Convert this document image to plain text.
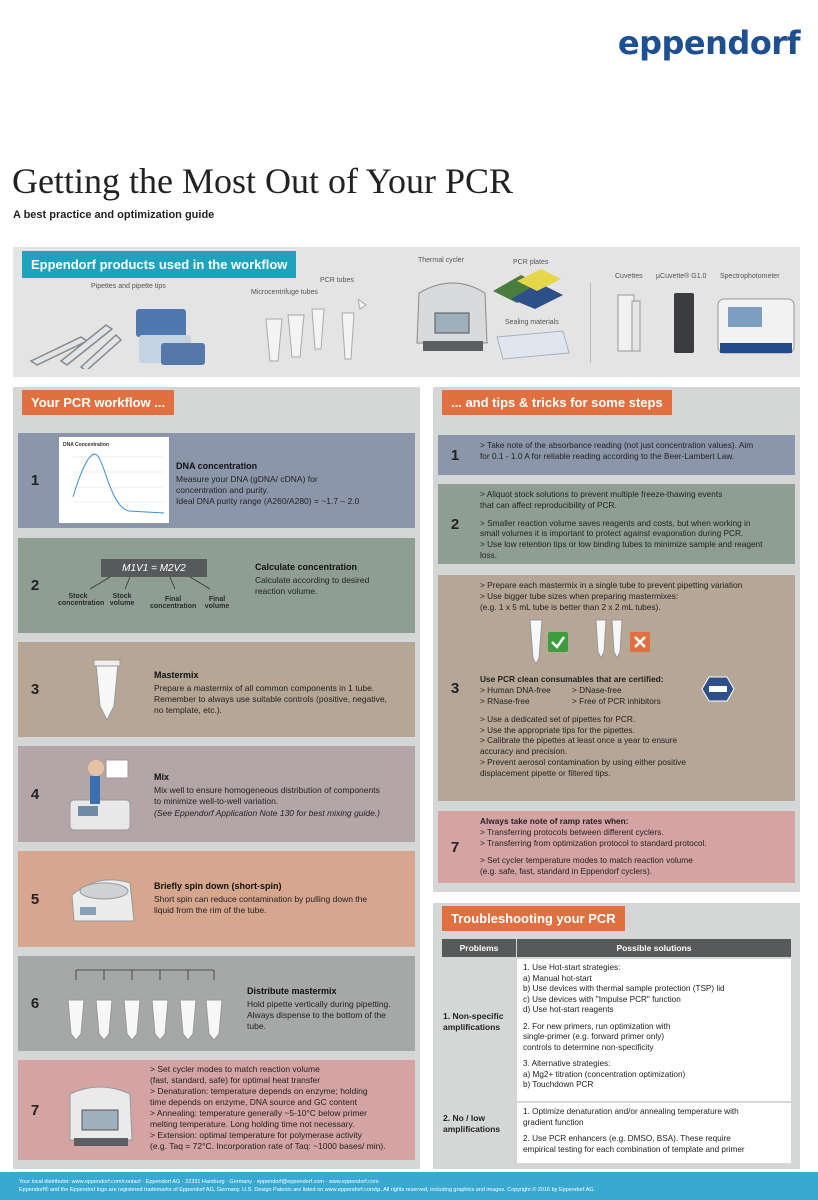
eppendorf
Getting the Most Out of Your PCR
A best practice and optimization guide
Eppendorf products used in the workflow
Pipettes and pipette tips
Microcentrifuge tubes
PCR tubes
Thermal cycler	PCR plates
Sealing materials
Cuvettes µCuvette® G1.0 Spectrophotometer
Your PCR workflow ...
1
DNA Concentration
DNA concentration
Measure your DNA (gDNA/ cDNA) for
concentration and purity.
Ideal DNA purity range (A260/A280) = ~1.7 – 2.0
2
M1V1 = M2V2
Stock concentration
Stock volume
Final concentration
Final volume
Calculate concentration
Calculate according to desired
reaction volume.
3
Mastermix
Prepare a mastermix of all common components in 1 tube.
Remember to always use suitable controls (positive, negative,
no template, etc.).
4
Mix
Mix well to ensure homogeneous distribution of components
to minimize well-to-well variation.
(See Eppendorf Application Note 130 for best mixing guide.)
5
Briefly spin down (short-spin)
Short spin can reduce contamination by pulling down the
liquid from the rim of the tube.
6
Distribute mastermix
Hold pipette vertically during pipetting.
Always dispense to the bottom of the
tube.
7
> Set cycler modes to match reaction volume
(fast, standard, safe) for optimal heat transfer
> Denaturation: temperature depends on enzyme; holding
time depends on enzyme, DNA source and GC content
> Annealing: temperature generally ~5-10°C below primer
melting temperature. Long holding time not necessary.
> Extension: optimal temperature for polymerase activity
(e.g. Taq = 72°C. Incorporation rate of Taq: ~1000 bases/ min).
... and tips & tricks for some steps
1
> Take note of the absorbance reading (not just concentration values). Aim
for 0.1 - 1.0 A for reliable reading according to the Beer-Lambert Law.
2
> Aliquot stock solutions to prevent multiple freeze-thawing events
that can affect reproducibility of PCR.
> Smaller reaction volume saves reagents and costs, but when working in
small volumes it is important to protect against evaporation during PCR.
> Use low retention tips or low binding tubes to minimize sample and reagent
loss.
3
> Prepare each mastermix in a single tube to prevent pipetting variation
> Use bigger tube sizes when preparing mastermixes:
(e.g. 1 x 5 mL tube is better than 2 x 2 mL tubes).
Use PCR clean consumables that are certified:
> Human DNA-free	> DNase-free
> RNase-free	> Free of PCR inhibitors
> Use a dedicated set of pipettes for PCR.
> Use the appropriate tips for the pipettes.
> Calibrate the pipettes at least once a year to ensure
accuracy and precision.
> Prevent aerosol contamination by using either positive
displacement pipette or filtered tips.
7
Always take note of ramp rates when:
> Transferring protocols between different cyclers.
> Transferring from optimization protocol to standard protocol.
> Set cycler temperature modes to match reaction volume
(e.g. safe, fast, standard in Eppendorf cyclers).
Troubleshooting your PCR
Problems	Possible solutions
1. Non-specific
amplifications
1. Use Hot-start strategies:
a) Manual hot-start
b) Use devices with thermal sample protection (TSP) lid
c) Use devices with "Impulse PCR" function
d) Use hot-start reagents
2. For new primers, run optimization with
single-primer (e.g. forward primer only)
controls to determine non-specificity
3. Alternative strategies:
a) Mg2+ titration (concentration optimization)
b) Touchdown PCR
2. No / low
amplifications
1. Optimize denaturation and/or annealing temperature with
gradient function
2. Use PCR enhancers (e.g. DMSO, BSA). These require
empirical testing for each combination of template and primer
Your local distributor: www.eppendorf.com/contact · Eppendorf AG · 22331 Hamburg · Germany · eppendorf@eppendorf.com · www.eppendorf.com
Eppendorf® and the Eppendorf logo are registered trademarks of Eppendorf AG, Germany. U.S. Design Patents are listed on www.eppendorf.com/ip. All rights reserved, including graphics and images. Copyright © 2016 by Eppendorf AG.
